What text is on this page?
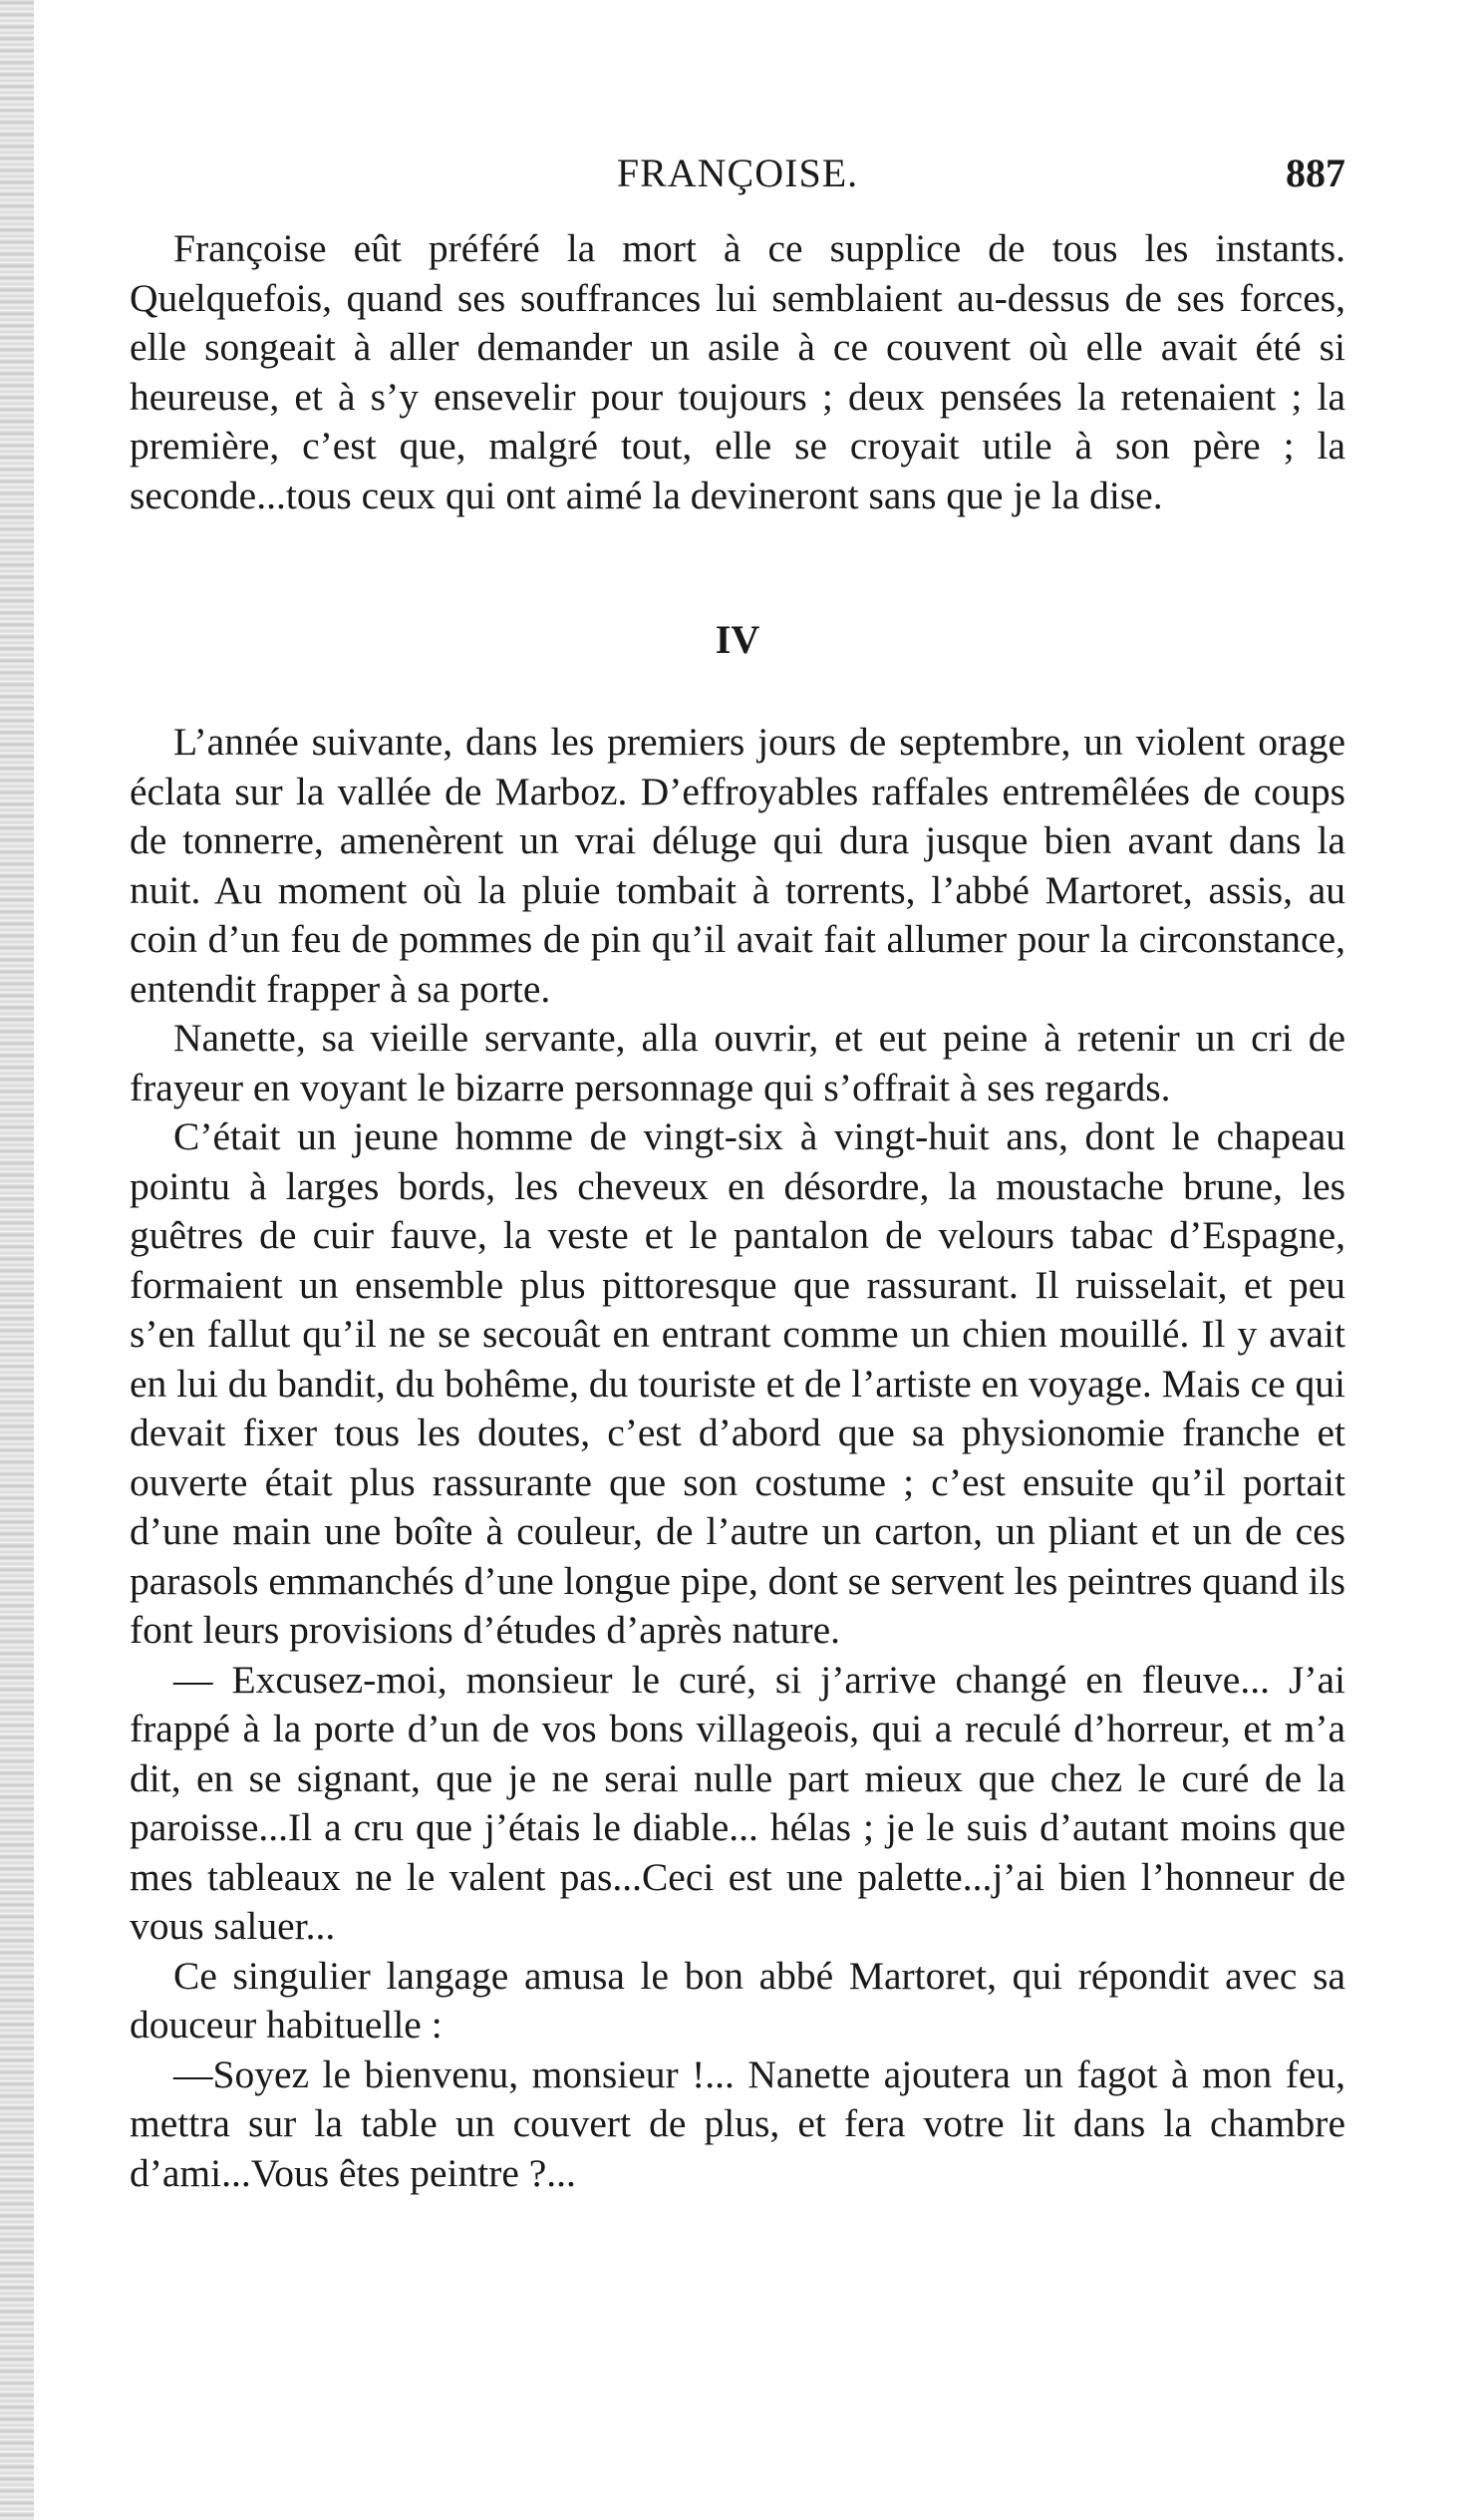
FRANÇOISE.	887

Françoise eût préféré la mort à ce supplice de tous les instants. Quelquefois, quand ses souffrances lui semblaient au-dessus de ses forces, elle songeait à aller demander un asile à ce couvent où elle avait été si heureuse, et à s’y ensevelir pour toujours ; deux pensées la retenaient ; la première, c’est que, malgré tout, elle se croyait utile à son père ; la seconde...tous ceux qui ont aimé la devineront sans que je la dise.

IV

L’année suivante, dans les premiers jours de septembre, un violent orage éclata sur la vallée de Marboz. D’effroyables raffales entremêlées de coups de tonnerre, amenèrent un vrai déluge qui dura jusque bien avant dans la nuit. Au moment où la pluie tombait à torrents, l’abbé Martoret, assis, au coin d’un feu de pommes de pin qu’il avait fait allumer pour la circonstance, entendit frapper à sa porte.

Nanette, sa vieille servante, alla ouvrir, et eut peine à retenir un cri de frayeur en voyant le bizarre personnage qui s’offrait à ses regards.

C’était un jeune homme de vingt-six à vingt-huit ans, dont le chapeau pointu à larges bords, les cheveux en désordre, la moustache brune, les guêtres de cuir fauve, la veste et le pantalon de velours tabac d’Espagne, formaient un ensemble plus pittoresque que rassurant. Il ruisselait, et peu s’en fallut qu’il ne se secouât en entrant comme un chien mouillé. Il y avait en lui du bandit, du bohême, du touriste et de l’artiste en voyage. Mais ce qui devait fixer tous les doutes, c’est d’abord que sa physionomie franche et ouverte était plus rassurante que son costume ; c’est ensuite qu’il portait d’une main une boîte à couleur, de l’autre un carton, un pliant et un de ces parasols emmanchés d’une longue pipe, dont se servent les peintres quand ils font leurs provisions d’études d’après nature.

— Excusez-moi, monsieur le curé, si j’arrive changé en fleuve... J’ai frappé à la porte d’un de vos bons villageois, qui a reculé d’horreur, et m’a dit, en se signant, que je ne serai nulle part mieux que chez le curé de la paroisse...Il a cru que j’étais le diable... hélas ; je le suis d’autant moins que mes tableaux ne le valent pas...Ceci est une palette...j’ai bien l’honneur de vous saluer...

Ce singulier langage amusa le bon abbé Martoret, qui répondit avec sa douceur habituelle :

—Soyez le bienvenu, monsieur !... Nanette ajoutera un fagot à mon feu, mettra sur la table un couvert de plus, et fera votre lit dans la chambre d’ami...Vous êtes peintre ?...
